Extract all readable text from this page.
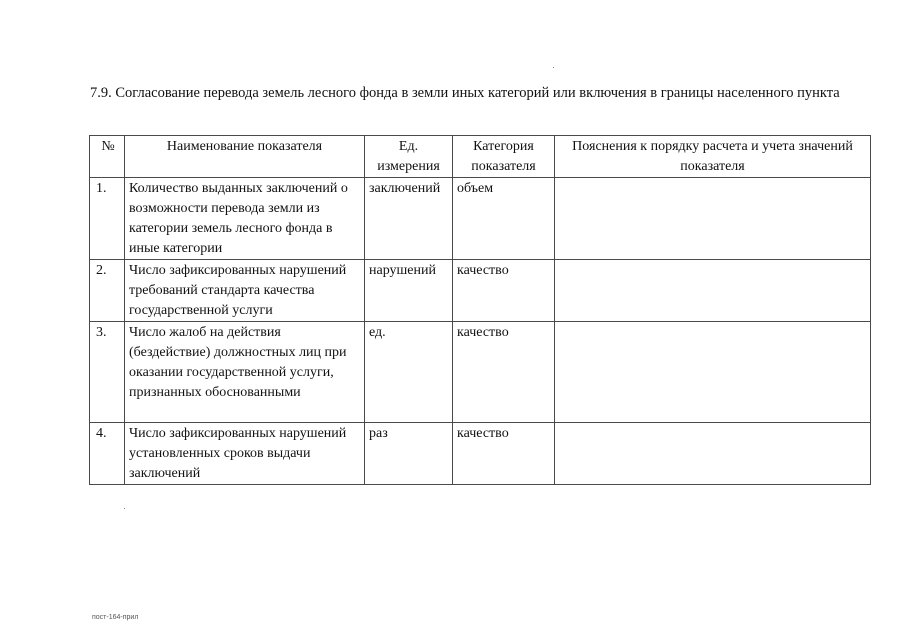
7.9. Согласование перевода земель лесного фонда в земли иных категорий или включения в границы населенного пункта
№	Наименование показателя	Ед. измерения	Категория показателя	Пояснения к порядку расчета и учета значений показателя
1.	Количество выданных заключений о возможности перевода земли из категории земель лесного фонда в иные категории	заключений	объем	
2.	Число зафиксированных нарушений требований стандарта качества государственной услуги	нарушений	качество	
3.	Число жалоб на действия (бездействие) должностных лиц при оказании государственной услуги, признанных обоснованными	ед.	качество	
4.	Число зафиксированных нарушений установленных сроков выдачи заключений	раз	качество	
пост-164-прил
